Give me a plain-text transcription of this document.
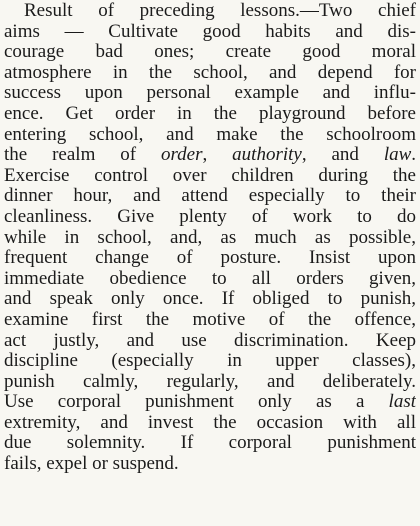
Result of preceding lessons.—Two chief
aims — Cultivate good habits and dis-
courage bad ones; create good moral
atmosphere in the school, and depend for
success upon personal example and influ-
ence. Get order in the playground before
entering school, and make the schoolroom
the realm of order, authority, and law.
Exercise control over children during the
dinner hour, and attend especially to their
cleanliness. Give plenty of work to do
while in school, and, as much as possible,
frequent change of posture. Insist upon
immediate obedience to all orders given,
and speak only once. If obliged to punish,
examine first the motive of the offence,
act justly, and use discrimination. Keep
discipline (especially in upper classes),
punish calmly, regularly, and deliberately.
Use corporal punishment only as a last
extremity, and invest the occasion with all
due solemnity. If corporal punishment
fails, expel or suspend.
